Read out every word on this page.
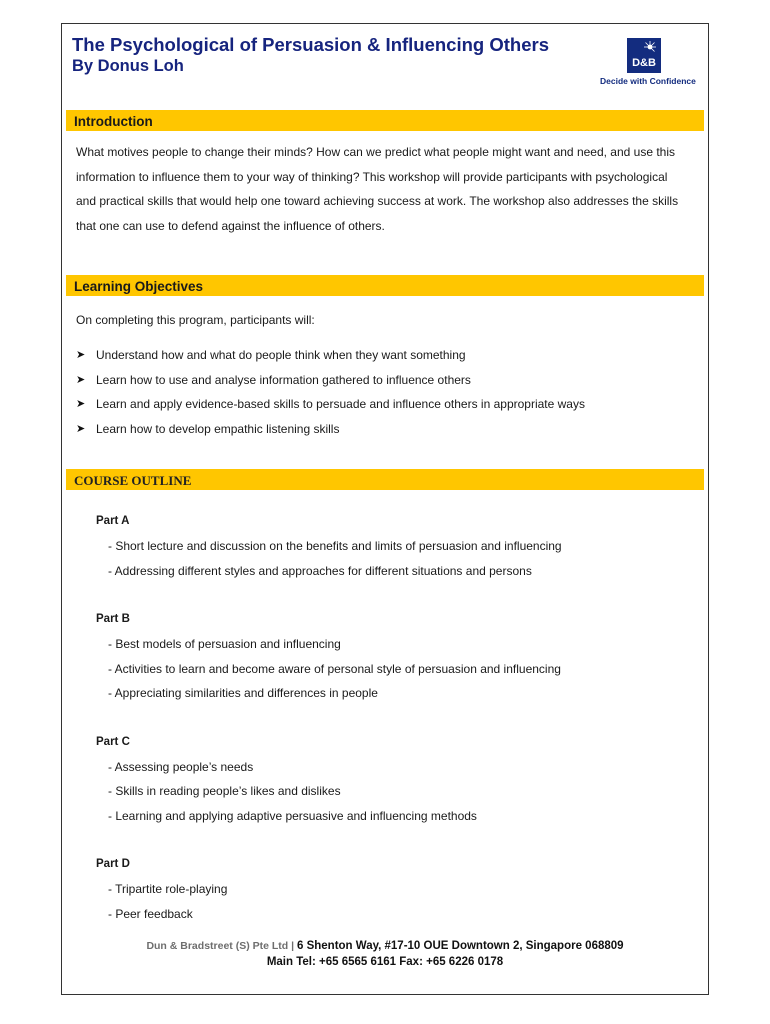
The Psychological of Persuasion & Influencing Others
By Donus Loh	D&B
Decide with Confidence
Introduction

What motives people to change their minds? How can we predict what people might want and need, and use this information to influence them to your way of thinking? This workshop will provide participants with psychological and practical skills that would help one toward achieving success at work. The workshop also addresses the skills that one can use to defend against the influence of others.

Learning Objectives

On completing this program, participants will:

➤ Understand how and what do people think when they want something
➤ Learn how to use and analyse information gathered to influence others
➤ Learn and apply evidence-based skills to persuade and influence others in appropriate ways
➤ Learn how to develop empathic listening skills
COURSE OUTLINE

Part A

- Short lecture and discussion on the benefits and limits of persuasion and influencing

- Addressing different styles and approaches for different situations and persons

Part B

- Best models of persuasion and influencing

- Activities to learn and become aware of personal style of persuasion and influencing

- Appreciating similarities and differences in people

Part C

- Assessing people’s needs

- Skills in reading people’s likes and dislikes

- Learning and applying adaptive persuasive and influencing methods

Part D

- Tripartite role-playing

- Peer feedback

Dun & Bradstreet (S) Pte Ltd | 6 Shenton Way, #17-10 OUE Downtown 2, Singapore 068809
Main Tel: +65 6565 6161 Fax: +65 6226 0178
